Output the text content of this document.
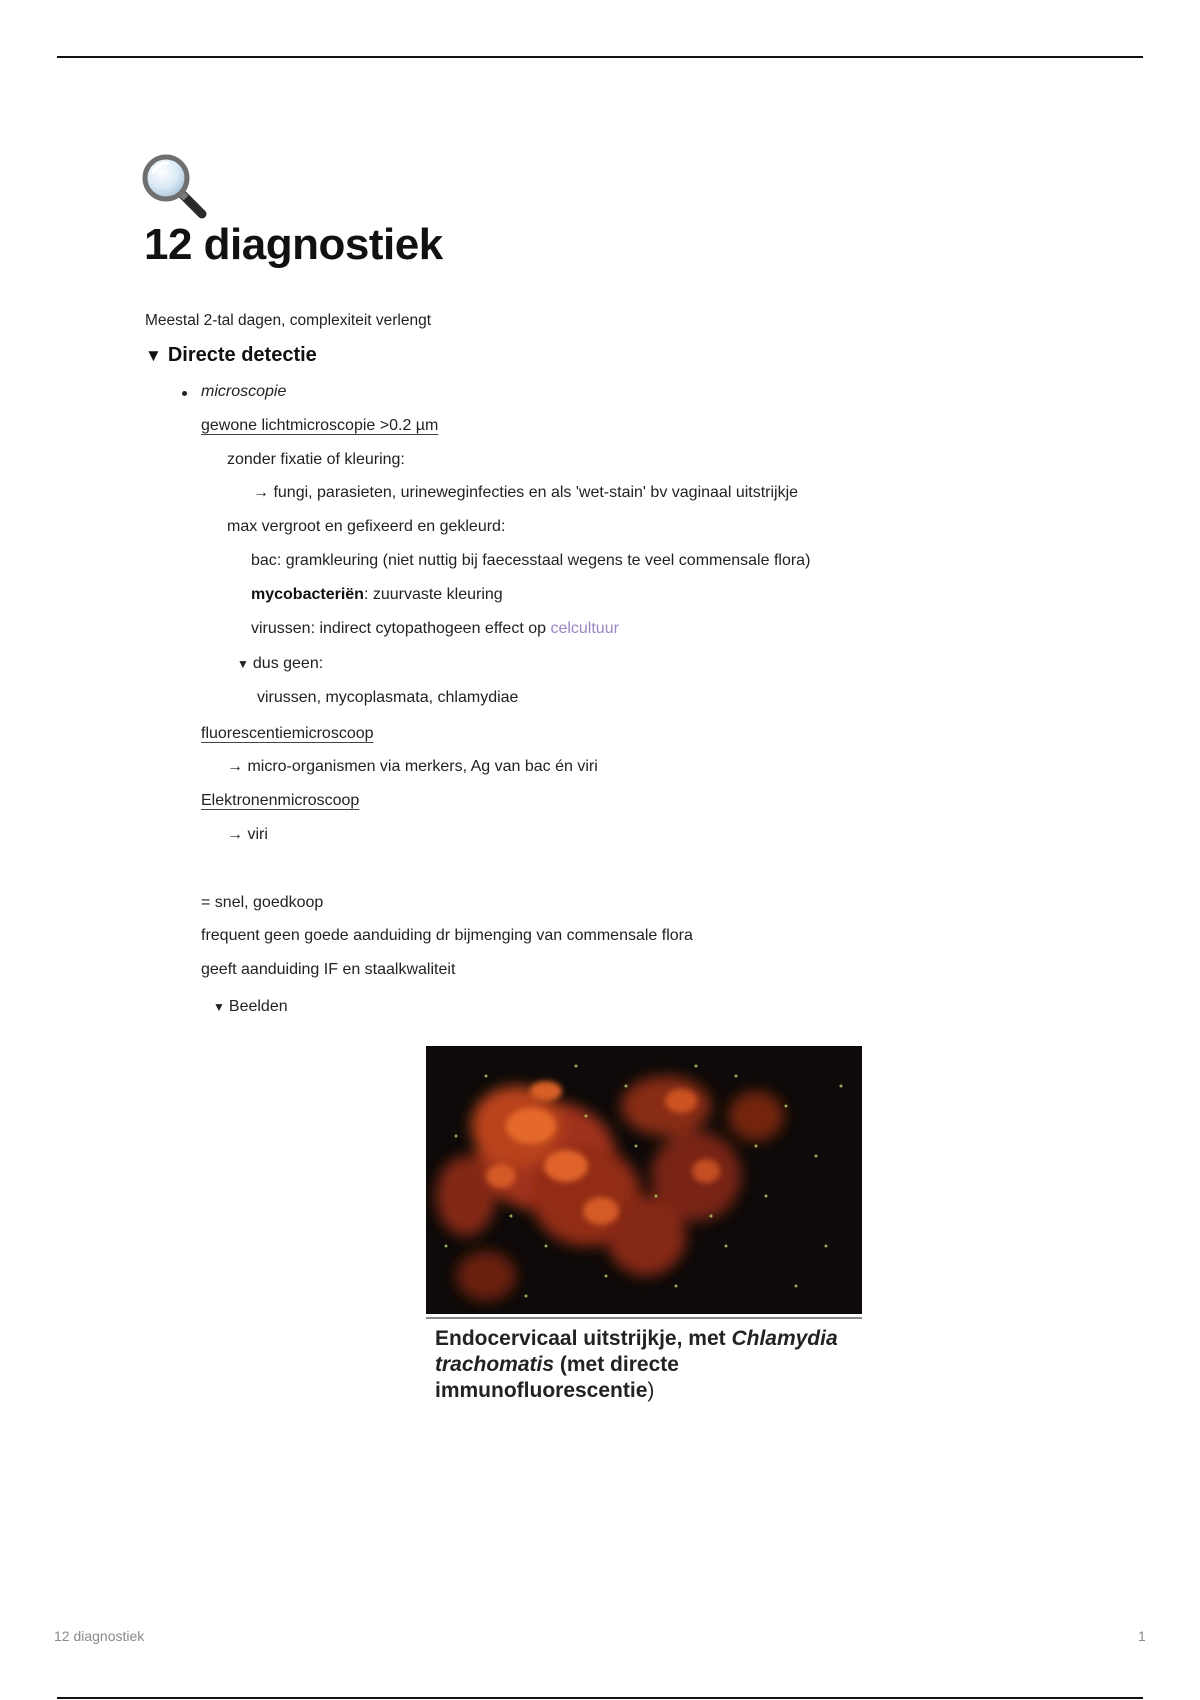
12 diagnostiek
Meestal 2-tal dagen, complexiteit verlengt
▼ Directe detectie
microscopie
gewone lichtmicroscopie >0.2 µm
zonder fixatie of kleuring:
→ fungi, parasieten, urineweginfecties en als 'wet-stain' bv vaginaal uitstrijkje
max vergroot en gefixeerd en gekleurd:
bac: gramkleuring (niet nuttig bij faecesstaal wegens te veel commensale flora)
mycobacteriën: zuurvaste kleuring
virussen: indirect cytopathogeen effect op celcultuur
▼ dus geen:
virussen, mycoplasmata, chlamydiae
fluorescentiemicroscoop
→ micro-organismen via merkers, Ag van bac én viri
Elektronenmicroscoop
→ viri
= snel, goedkoop
frequent geen goede aanduiding dr bijmenging van commensale flora
geeft aanduiding IF en staalkwaliteit
▼ Beelden
Endocervicaal uitstrijkje, met Chlamydia trachomatis (met directe immunofluorescentie)
12 diagnostiek	1
